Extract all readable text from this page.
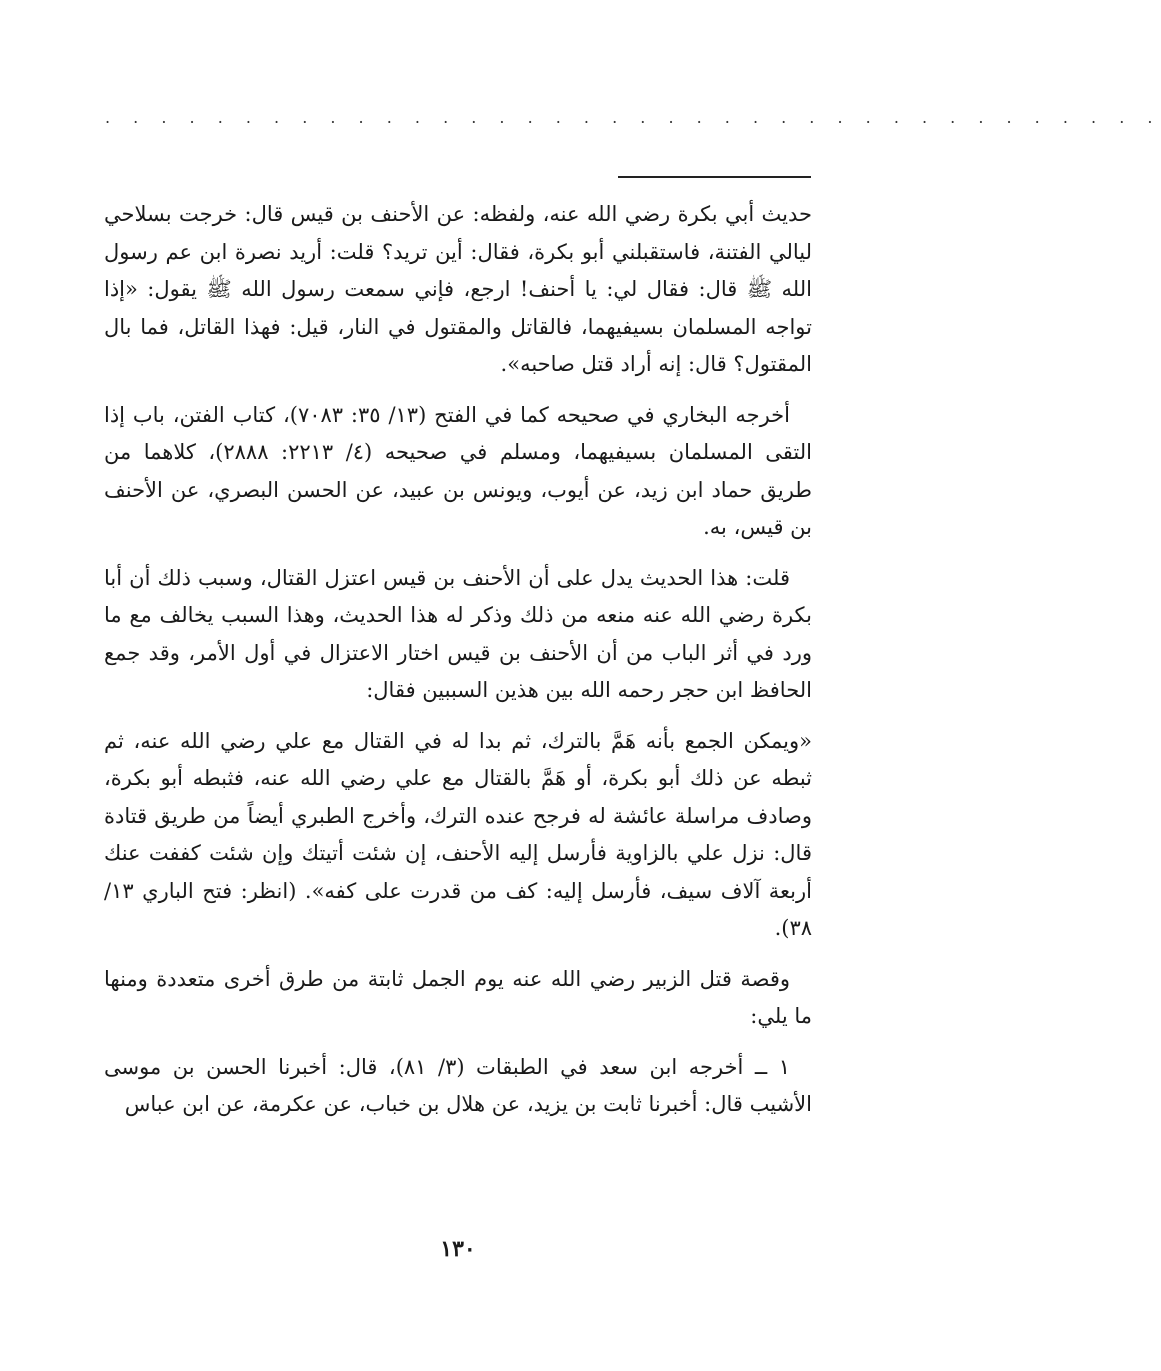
. . . . . . . . . . . . . . . . . . . . . . . . . . . . . . . . . . . . . .

حديث أبي بكرة رضي الله عنه، ولفظه: عن الأحنف بن قيس قال: خرجت بسلاحي ليالي الفتنة، فاستقبلني أبو بكرة، فقال: أين تريد؟ قلت: أريد نصرة ابن عم رسول الله ﷺ قال: فقال لي: يا أحنف! ارجع، فإني سمعت رسول الله ﷺ يقول: «إذا تواجه المسلمان بسيفيهما، فالقاتل والمقتول في النار، قيل: فهذا القاتل، فما بال المقتول؟ قال: إنه أراد قتل صاحبه».

أخرجه البخاري في صحيحه كما في الفتح (١٣/ ٣٥: ٧٠٨٣)، كتاب الفتن، باب إذا التقى المسلمان بسيفيهما، ومسلم في صحيحه (٤/ ٢٢١٣: ٢٨٨٨)، كلاهما من طريق حماد ابن زيد، عن أيوب، ويونس بن عبيد، عن الحسن البصري، عن الأحنف بن قيس، به.

قلت: هذا الحديث يدل على أن الأحنف بن قيس اعتزل القتال، وسبب ذلك أن أبا بكرة رضي الله عنه منعه من ذلك وذكر له هذا الحديث، وهذا السبب يخالف مع ما ورد في أثر الباب من أن الأحنف بن قيس اختار الاعتزال في أول الأمر، وقد جمع الحافظ ابن حجر رحمه الله بين هذين السببين فقال:

«ويمكن الجمع بأنه هَمَّ بالترك، ثم بدا له في القتال مع علي رضي الله عنه، ثم ثبطه عن ذلك أبو بكرة، أو هَمَّ بالقتال مع علي رضي الله عنه، فثبطه أبو بكرة، وصادف مراسلة عائشة له فرجح عنده الترك، وأخرج الطبري أيضاً من طريق قتادة قال: نزل علي بالزاوية فأرسل إليه الأحنف، إن شئت أتيتك وإن شئت كففت عنك أربعة آلاف سيف، فأرسل إليه: كف من قدرت على كفه». (انظر: فتح الباري ١٣/ ٣٨).

وقصة قتل الزبير رضي الله عنه يوم الجمل ثابتة من طرق أخرى متعددة ومنها ما يلي:

١ ــ أخرجه ابن سعد في الطبقات (٣/ ٨١)، قال: أخبرنا الحسن بن موسى الأشيب قال: أخبرنا ثابت بن يزيد، عن هلال بن خباب، عن عكرمة، عن ابن عباس

١٣٠
